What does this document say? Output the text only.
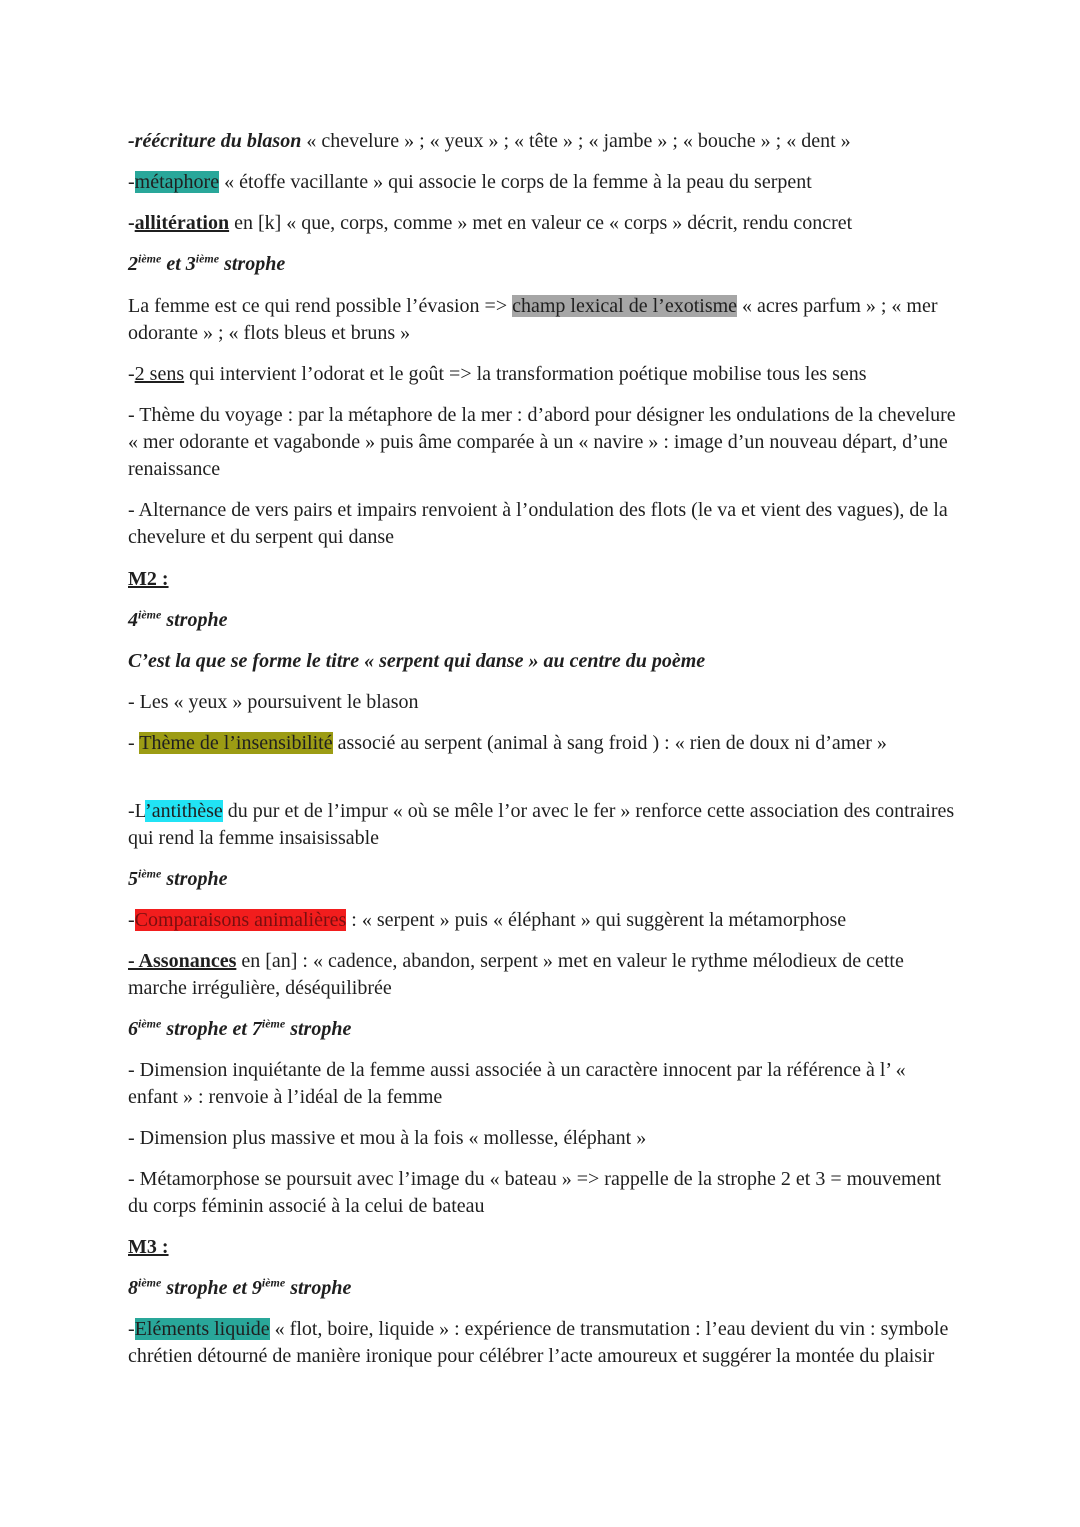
-réécriture du blason « chevelure » ; « yeux » ; « tête » ; « jambe » ; « bouche » ; « dent »

-métaphore « étoffe vacillante » qui associe le corps de la femme à la peau du serpent

-allitération en [k] « que, corps, comme » met en valeur ce « corps » décrit, rendu concret

2ième et 3ième strophe

La femme est ce qui rend possible l’évasion => champ lexical de l’exotisme « acres parfum » ; « mer odorante » ; « flots bleus et bruns »

-2 sens qui intervient l’odorat et le goût => la transformation poétique mobilise tous les sens

- Thème du voyage : par la métaphore de la mer : d’abord pour désigner les ondulations de la chevelure « mer odorante et vagabonde » puis âme comparée à un « navire » : image d’un nouveau départ, d’une renaissance

- Alternance de vers pairs et impairs renvoient à l’ondulation des flots (le va et vient des vagues), de la chevelure et du serpent qui danse

M2 :

4ième strophe

C’est la que se forme le titre « serpent qui danse » au centre du poème

- Les « yeux » poursuivent le blason

- Thème de l’insensibilité associé au serpent (animal à sang froid ) : « rien de doux ni d’amer »

-L’antithèse du pur et de l’impur « où se mêle l’or avec le fer » renforce cette association des contraires qui rend la femme insaisissable

5ième strophe

-Comparaisons animalières : « serpent » puis « éléphant » qui suggèrent la métamorphose

- Assonances en [an] : « cadence, abandon, serpent » met en valeur le rythme mélodieux de cette marche irrégulière, déséquilibrée

6ième strophe et 7ième strophe

- Dimension inquiétante de la femme aussi associée à un caractère innocent par la référence à l’ « enfant » : renvoie à l’idéal de la femme

- Dimension plus massive et mou à la fois « mollesse, éléphant »

- Métamorphose se poursuit avec l’image du « bateau » => rappelle de la strophe 2 et 3 = mouvement du corps féminin associé à la celui de bateau

M3 :

8ième strophe et 9ième strophe

-Eléments liquide « flot, boire, liquide » : expérience de transmutation : l’eau devient du vin : symbole chrétien détourné de manière ironique pour célébrer l’acte amoureux et suggérer la montée du plaisir
